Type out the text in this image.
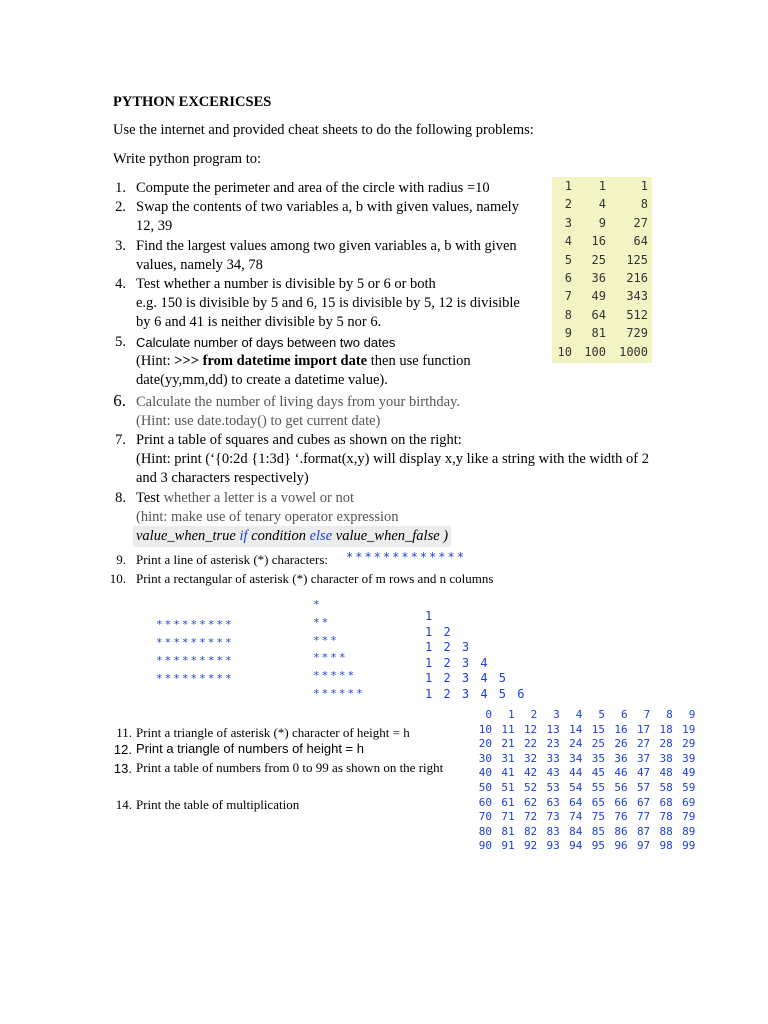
PYTHON EXCERICSES
Use the internet and provided cheat sheets to do the following problems:
Write python program to:
1. Compute the perimeter and area of the circle with radius =10
2. Swap the contents of two variables a, b with given values, namely
12, 39
3. Find the largest values among two given variables a, b with given
values, namely 34, 78
4. Test whether a number is divisible by 5 or 6 or both
e.g. 150 is divisible by 5 and 6, 15 is divisible by 5, 12 is divisible
by 6 and 41 is neither divisible by 5 nor 6.
5. Calculate number of days between two dates
(Hint: >>> from datetime import date then use function
date(yy,mm,dd) to create a datetime value).
6. Calculate the number of living days from your birthday.
(Hint: use date.today() to get current date)
7. Print a table of squares and cubes as shown on the right:
(Hint: print (‘{0:2d {1:3d} ‘.format(x,y) will display x,y like a string with the width of 2
and 3 characters respectively)
8. Test whether a letter is a vowel or not
(hint: make use of tenary operator expression
value_when_true if condition else value_when_false )
9. Print a line of asterisk (*) characters: *************
10. Print a rectangular of asterisk (*) character of m rows and n columns
1 1	1
2 4	8
3 9 27
4 16 64
5 25 125
6 36 216
7 49 343
8 64 512
9 81 729
10 100 1000
*********
*********
*********
*********
*
**
***
****
*****
******
1
1 2
1 2 3
1 2 3 4
1 2 3 4 5
1 2 3 4 5 6
11. Print a triangle of asterisk (*) character of height = h
12. Print a triangle of numbers of height = h
13. Print a table of numbers from 0 to 99 as shown on the right
14. Print the table of multiplication
0	1	2	3	4	5	6	7	8	9
10 11 12 13 14 15 16 17 18 19
20 21 22 23 24 25 26 27 28 29
30 31 32 33 34 35 36 37 38 39
40 41 42 43 44 45 46 47 48 49
50 51 52 53 54 55 56 57 58 59
60 61 62 63 64 65 66 67 68 69
70 71 72 73 74 75 76 77 78 79
80 81 82 83 84 85 86 87 88 89
90 91 92 93 94 95 96 97 98 99
